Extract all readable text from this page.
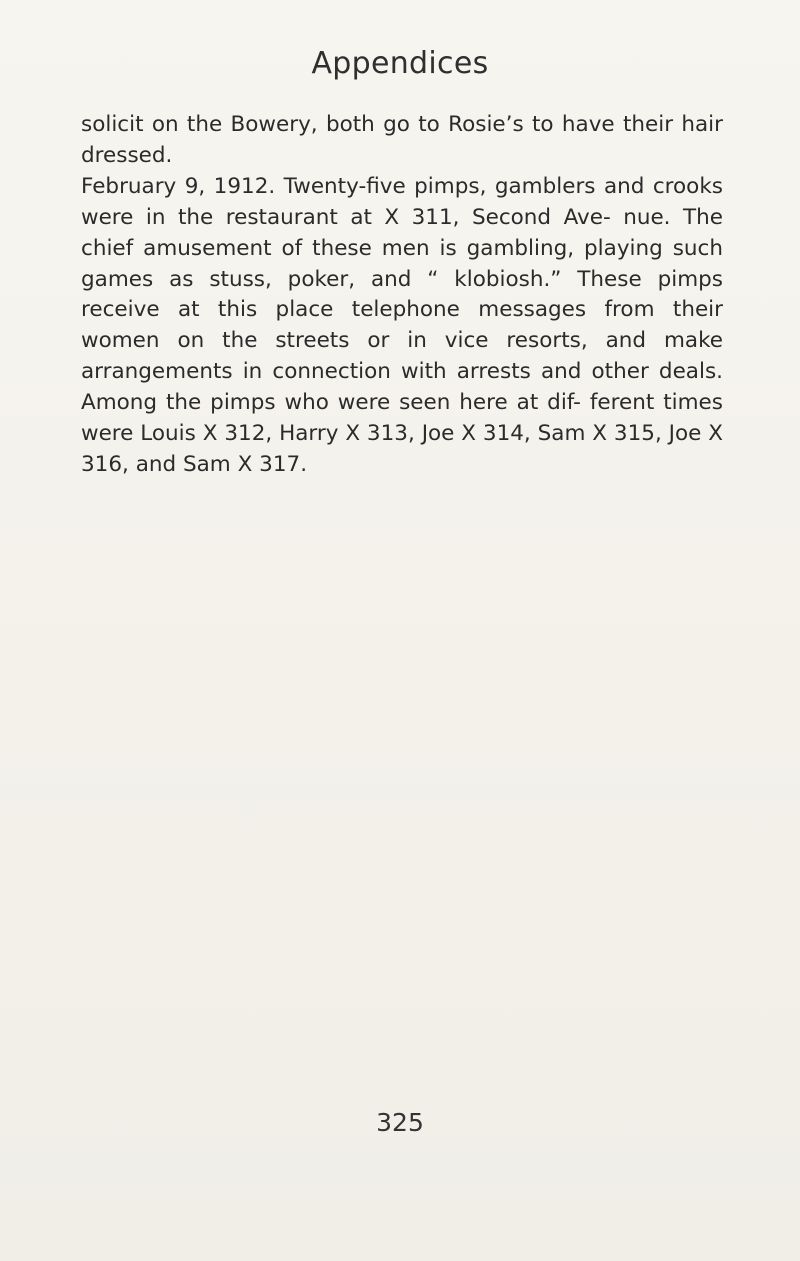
Appendices

solicit on the Bowery, both go to Rosie’s to have their hair dressed.

February 9, 1912. Twenty-five pimps, gamblers and crooks were in the restaurant at X 311, Second Ave- nue. The chief amusement of these men is gambling, playing such games as stuss, poker, and “ klobiosh.” These pimps receive at this place telephone messages from their women on the streets or in vice resorts, and make arrangements in connection with arrests and other deals. Among the pimps who were seen here at dif- ferent times were Louis X 312, Harry X 313, Joe X 314, Sam X 315, Joe X 316, and Sam X 317.

325
